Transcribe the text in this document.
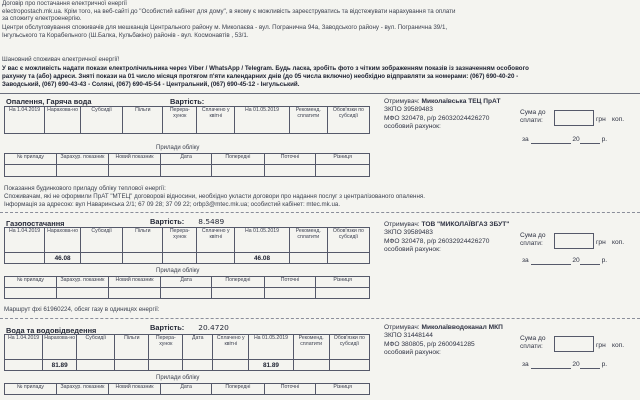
Договір про постачання електричної енергії
electropostach.mk.ua. Крім того, на веб-сайті до "Особистий кабінет для дому", в якому є можливість зареєструватись та відстежувати нарахування та оплати
за спожиту електроенергію.
Центри обслуговування споживачів для мешканців Центрального району м. Миколаєва - вул. Погранична 94а, Заводського району - вул. Погранична 39/1,
Інгульського та Корабельного (Ш.Балка, Кульбакіно) районів - вул. Космонавтів , 53/1.
Шановний споживач електричної енергії!
У вас є можливість надати покази електролічильника через Viber / WhatsApp / Telegram. Будь ласка, зробіть фото з чітким зображенням показів із зазначенням особового
рахунку та (або) адреси. Зняті покази на 01 число місяця протягом п'яти календарних днів (до 05 числа включно) необхідно відправляти за номерами: (067) 690-40-20 -
Заводський, (067) 690-43-43 - Соляні, (067) 690-45-54 - Центральний, (067) 690-45-12 - Інгульський.
Опалення, Гаряча вода	Вартість:
На 1.04.2019	Нарахова-но	Субсидії	Пільги	Перера-хунок	Сплачено у квітні	На 01.05.2019	Рекоменд. сплатити	Обов'язки по субсидії
Прилади обліку
№ приладу	Зарахур. показник	Новий показник	Дата	Попередні	Поточні	Різниця

Показання будинкового приладу обліку теплової енергії:
Споживачам, які не оформили ПрАТ "МТЕЦ" договорові відносини, необхідно укласти договори про надання послуг з централізованого опалення.
Інформація за адресою: вул Наваринська 2/1; 67 09 28; 37 09 22; orbp3@mtec.mk.ua; особистий кабінет: mtec.mk.ua.
Отримувач: Миколаївська ТЕЦ ПрАТ
ЗКПО 39589483
МФО 320478, р/р 26032024426270
особовий рахунок:
Сума до
сплати:	грн коп.
за	20	р.
Газопостачання	Вартість: 8.5489
На 1.04.2019	Нарахова-но	Субсидії	Пільги	Перера-хунок	Сплачено у квітні	На 01.05.2019	Рекоменд. сплатити	Обов'язки по субсидії
	46.08					46.08		
Прилади обліку
№ приладу	Зарахур. показник	Новий показник	Дата	Попередні	Поточні	Різниця

Маршрут фхі 61960224, обсяг газу в одиницях енергії:
Отримувач: ТОВ "МИКОЛАЇВГАЗ ЗБУТ"
ЗКПО 39589483
МФО 320478, р/р 26032924426270
особовий рахунок:
Сума до
сплати:	грн коп.
за	20	р.
Вода та водовідведення	Вартість: 20.4720
На 1.04.2019	Нарахова-но	Субсидії	Пільги	Перера-хунок	Дата	Сплачено у квітні	На 01.05.2019	Рекоменд. сплатити	Обов'язки по субсидії
	81.89						81.89		
Прилади обліку
№ приладу	Зарахур. показник	Новий показник	Дата	Попередні	Поточні	Різниця
Отримувач: Миколаївводоканал МКП
ЗКПО 31448144
МФО 380805, р/р 2600941285
особовий рахунок:
Сума до
сплати:	грн коп.
за	20	р.
